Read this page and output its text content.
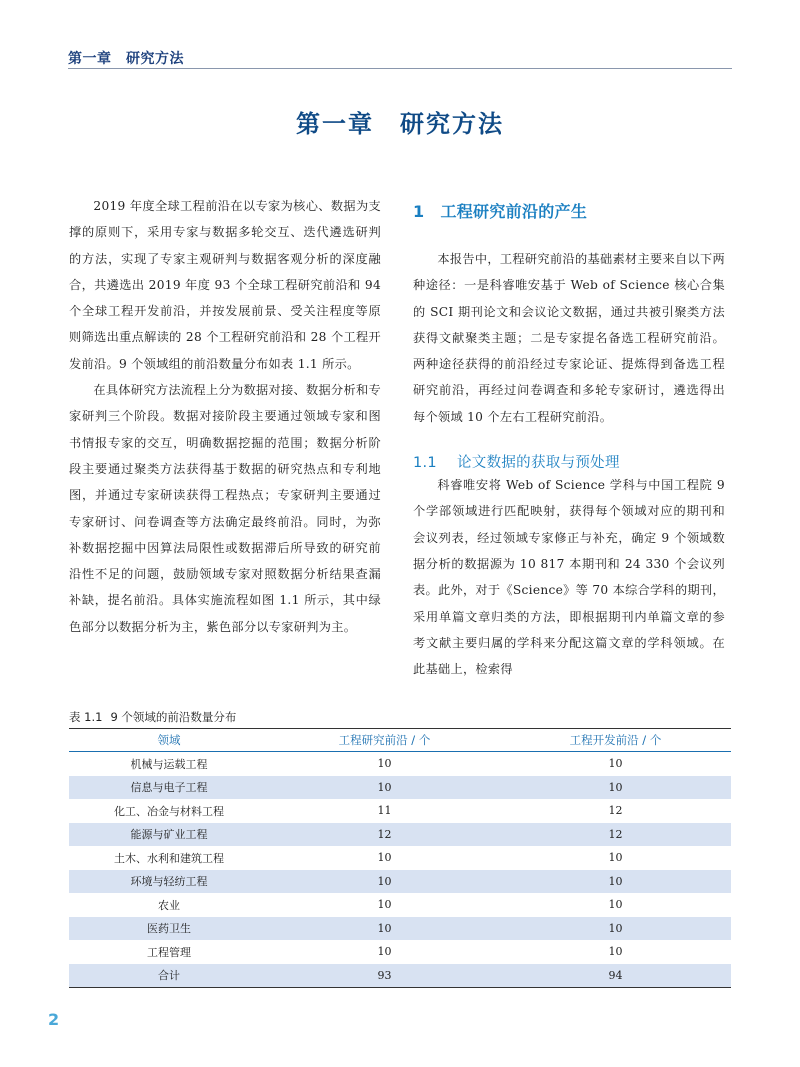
第一章　研究方法
第一章　研究方法

2019 年度全球工程前沿在以专家为核心、数据为支撑的原则下，采用专家与数据多轮交互、迭代遴选研判的方法，实现了专家主观研判与数据客观分析的深度融合，共遴选出 2019 年度 93 个全球工程研究前沿和 94 个全球工程开发前沿，并按发展前景、受关注程度等原则筛选出重点解读的 28 个工程研究前沿和 28 个工程开发前沿。9 个领域组的前沿数量分布如表 1.1 所示。

在具体研究方法流程上分为数据对接、数据分析和专家研判三个阶段。数据对接阶段主要通过领域专家和图书情报专家的交互，明确数据挖掘的范围；数据分析阶段主要通过聚类方法获得基于数据的研究热点和专利地图，并通过专家研读获得工程热点；专家研判主要通过专家研讨、问卷调查等方法确定最终前沿。同时，为弥补数据挖掘中因算法局限性或数据滞后所导致的研究前沿性不足的问题，鼓励领域专家对照数据分析结果查漏补缺，提名前沿。具体实施流程如图 1.1 所示，其中绿色部分以数据分析为主，紫色部分以专家研判为主。

1 工程研究前沿的产生

本报告中，工程研究前沿的基础素材主要来自以下两种途径：一是科睿唯安基于 Web of Science 核心合集的 SCI 期刊论文和会议论文数据，通过共被引聚类方法获得文献聚类主题；二是专家提名备选工程研究前沿。两种途径获得的前沿经过专家论证、提炼得到备选工程研究前沿，再经过问卷调查和多轮专家研讨，遴选得出每个领域 10 个左右工程研究前沿。

1.1 论文数据的获取与预处理

科睿唯安将 Web of Science 学科与中国工程院 9 个学部领域进行匹配映射，获得每个领域对应的期刊和会议列表，经过领域专家修正与补充，确定 9 个领域数据分析的数据源为 10 817 本期刊和 24 330 个会议列表。此外，对于《Science》等 70 本综合学科的期刊，采用单篇文章归类的方法，即根据期刊内单篇文章的参考文献主要归属的学科来分配这篇文章的学科领域。在此基础上，检索得

表 1.1 9 个领域的前沿数量分布
领域	工程研究前沿 / 个	工程开发前沿 / 个
机械与运载工程	10	10
信息与电子工程	10	10
化工、冶金与材料工程	11	12
能源与矿业工程	12	12
土木、水利和建筑工程	10	10
环境与轻纺工程	10	10
农业	10	10
医药卫生	10	10
工程管理	10	10
合计	93	94
2
